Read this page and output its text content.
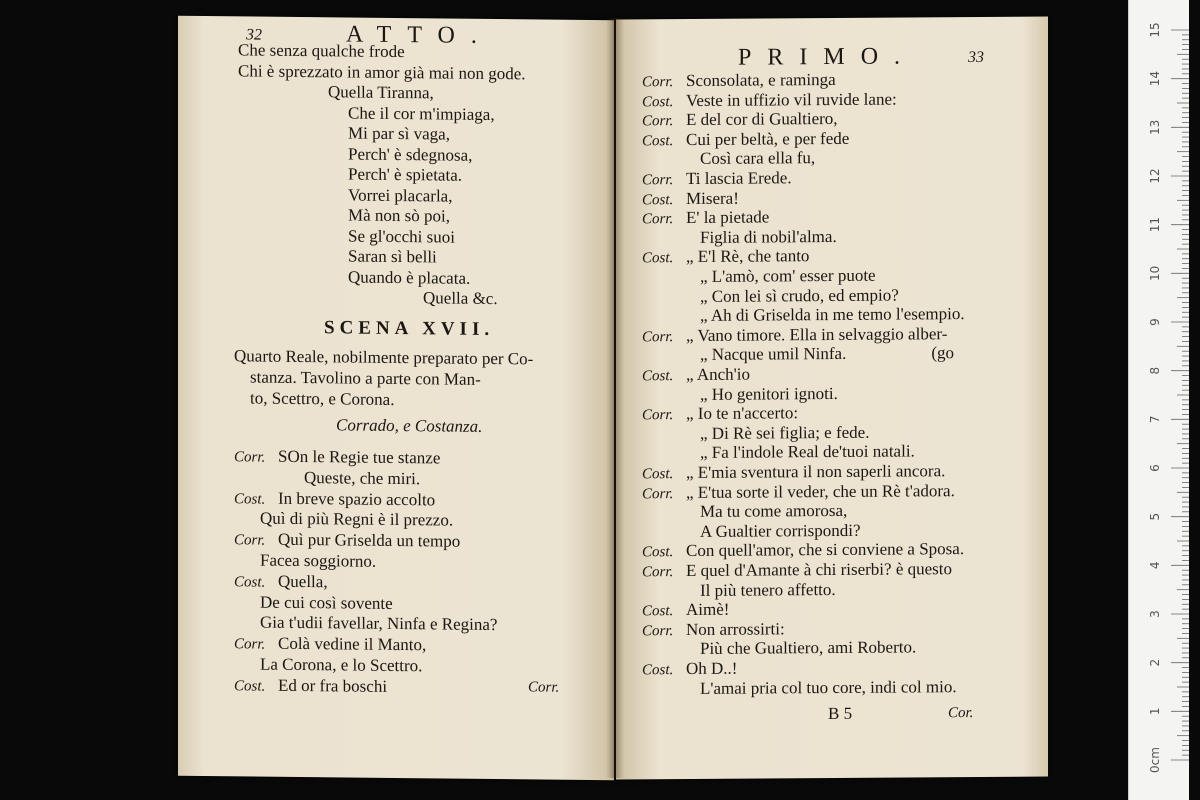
32	ATTO.
Che senza qualche frode
Chi è sprezzato in amor già mai non gode.
Quella Tiranna,
Che il cor m'impiaga,
Mi par sì vaga,
Perch' è sdegnosa,
Perch' è spietata.
Vorrei placarla,
Mà non sò poi,
Se gl'occhi suoi
Saran sì belli
Quando è placata.
Quella &c.
SCENA XVII.
Quarto Reale, nobilmente preparato per Co-
stanza. Tavolino a parte con Man-
to, Scettro, e Corona.
Corrado, e Costanza.
Corr. SOn le Regie tue stanze
Queste, che miri.
Cost. In breve spazio accolto
Quì di più Regni è il prezzo.
Corr. Quì pur Griselda un tempo
Facea soggiorno.
Cost. Quella,
De cui così sovente
Gia t'udii favellar, Ninfa e Regina?
Corr. Colà vedine il Manto,
La Corona, e lo Scettro.
Cost. Ed or fra boschi	Corr.
PRIMO.	33
Corr. Sconsolata, e raminga
Cost. Veste in uffizio vil ruvide lane:
Corr. E del cor di Gualtiero,
Cost. Cui per beltà, e per fede
Così cara ella fu,
Corr. Ti lascia Erede.
Cost. Misera!
Corr. E' la pietade
Figlia di nobil'alma.
Cost. „ E'l Rè, che tanto
„ L'amò, com' esser puote
„ Con lei sì crudo, ed empio?
„ Ah di Griselda in me temo l'esempio.
Corr. „ Vano timore. Ella in selvaggio alber-
„ Nacque umil Ninfa.                    (go
Cost. „ Anch'io
„ Ho genitori ignoti.
Corr. „ Io te n'accerto:
„ Di Rè sei figlia; e fede.
„ Fa l'indole Real de'tuoi natali.
Cost. „ E'mia sventura il non saperli ancora.
Corr. „ E'tua sorte il veder, che un Rè t'adora.
Ma tu come amorosa,
A Gualtier corrispondi?
Cost. Con quell'amor, che si conviene a Sposa.
Corr. E quel d'Amante à chi riserbi? è questo
Il più tenero affetto.
Cost. Aimè!
Corr. Non arrossirti:
Più che Gualtiero, ami Roberto.
Cost. Oh D..!
L'amai pria col tuo core, indi col mio.
B 5	Cor.
0cm
1
2
3
4
5
6
7
8
9
10
11
12
13
14
15
